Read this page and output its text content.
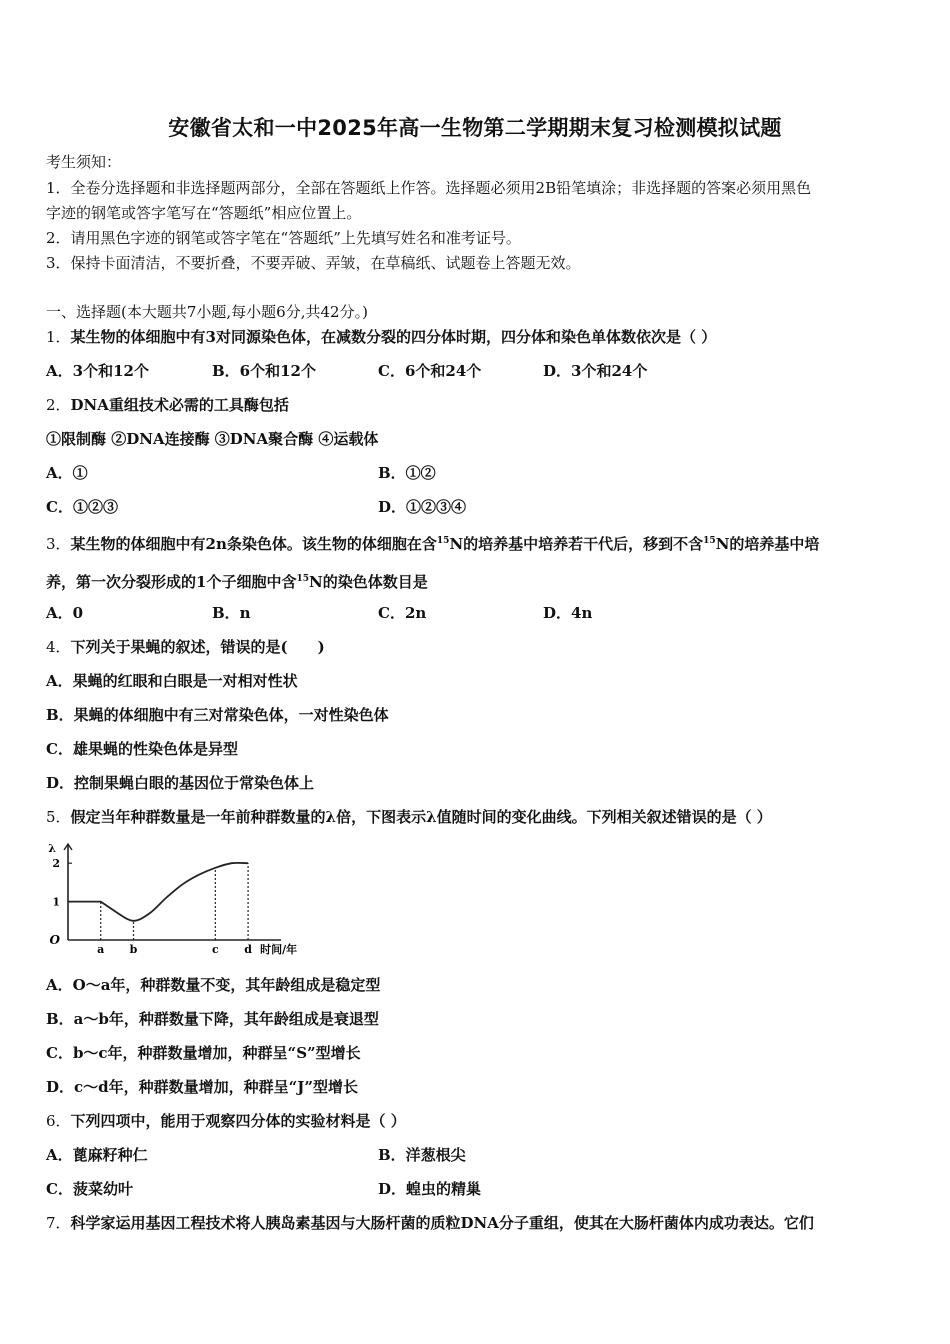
安徽省太和一中2025年高一生物第二学期期末复习检测模拟试题
考生须知：
1．全卷分选择题和非选择题两部分，全部在答题纸上作答。选择题必须用2B铅笔填涂；非选择题的答案必须用黑色
字迹的钢笔或答字笔写在“答题纸”相应位置上。
2．请用黑色字迹的钢笔或答字笔在“答题纸”上先填写姓名和准考证号。
3．保持卡面清洁，不要折叠，不要弄破、弄皱，在草稿纸、试题卷上答题无效。
一、选择题(本大题共7小题,每小题6分,共42分。)
1．某生物的体细胞中有3对同源染色体，在减数分裂的四分体时期，四分体和染色单体数依次是（ ）
A．3个和12个	B．6个和12个	C．6个和24个	D．3个和24个
2．DNA重组技术必需的工具酶包括
①限制酶 ②DNA连接酶 ③DNA聚合酶 ④运载体
A．①	B．①②
C．①②③	D．①②③④
3．某生物的体细胞中有2n条染色体。该生物的体细胞在含$^{15}$N的培养基中培养若干代后，移到不含$^{15}$N的培养基中培
养，第一次分裂形成的1个子细胞中含$^{15}$N的染色体数目是
A．0	B．n	C．2n	D．4n
4．下列关于果蝇的叙述，错误的是(　　)
A．果蝇的红眼和白眼是一对相对性状
B．果蝇的体细胞中有三对常染色体，一对性染色体
C．雄果蝇的性染色体是异型
D．控制果蝇白眼的基因位于常染色体上
5．假定当年种群数量是一年前种群数量的λ倍，下图表示λ值随时间的变化曲线。下列相关叙述错误的是（ ）
1
2
λ
O
a b	c d 时间/年
A．O～a年，种群数量不变，其年龄组成是稳定型
B．a～b年，种群数量下降，其年龄组成是衰退型
C．b～c年，种群数量增加，种群呈“S”型增长
D．c～d年，种群数量增加，种群呈“J”型增长
6．下列四项中，能用于观察四分体的实验材料是（ ）
A．蓖麻籽种仁	B．洋葱根尖
C．菠菜幼叶	D．蝗虫的精巢
7．科学家运用基因工程技术将人胰岛素基因与大肠杆菌的质粒DNA分子重组，使其在大肠杆菌体内成功表达。它们
